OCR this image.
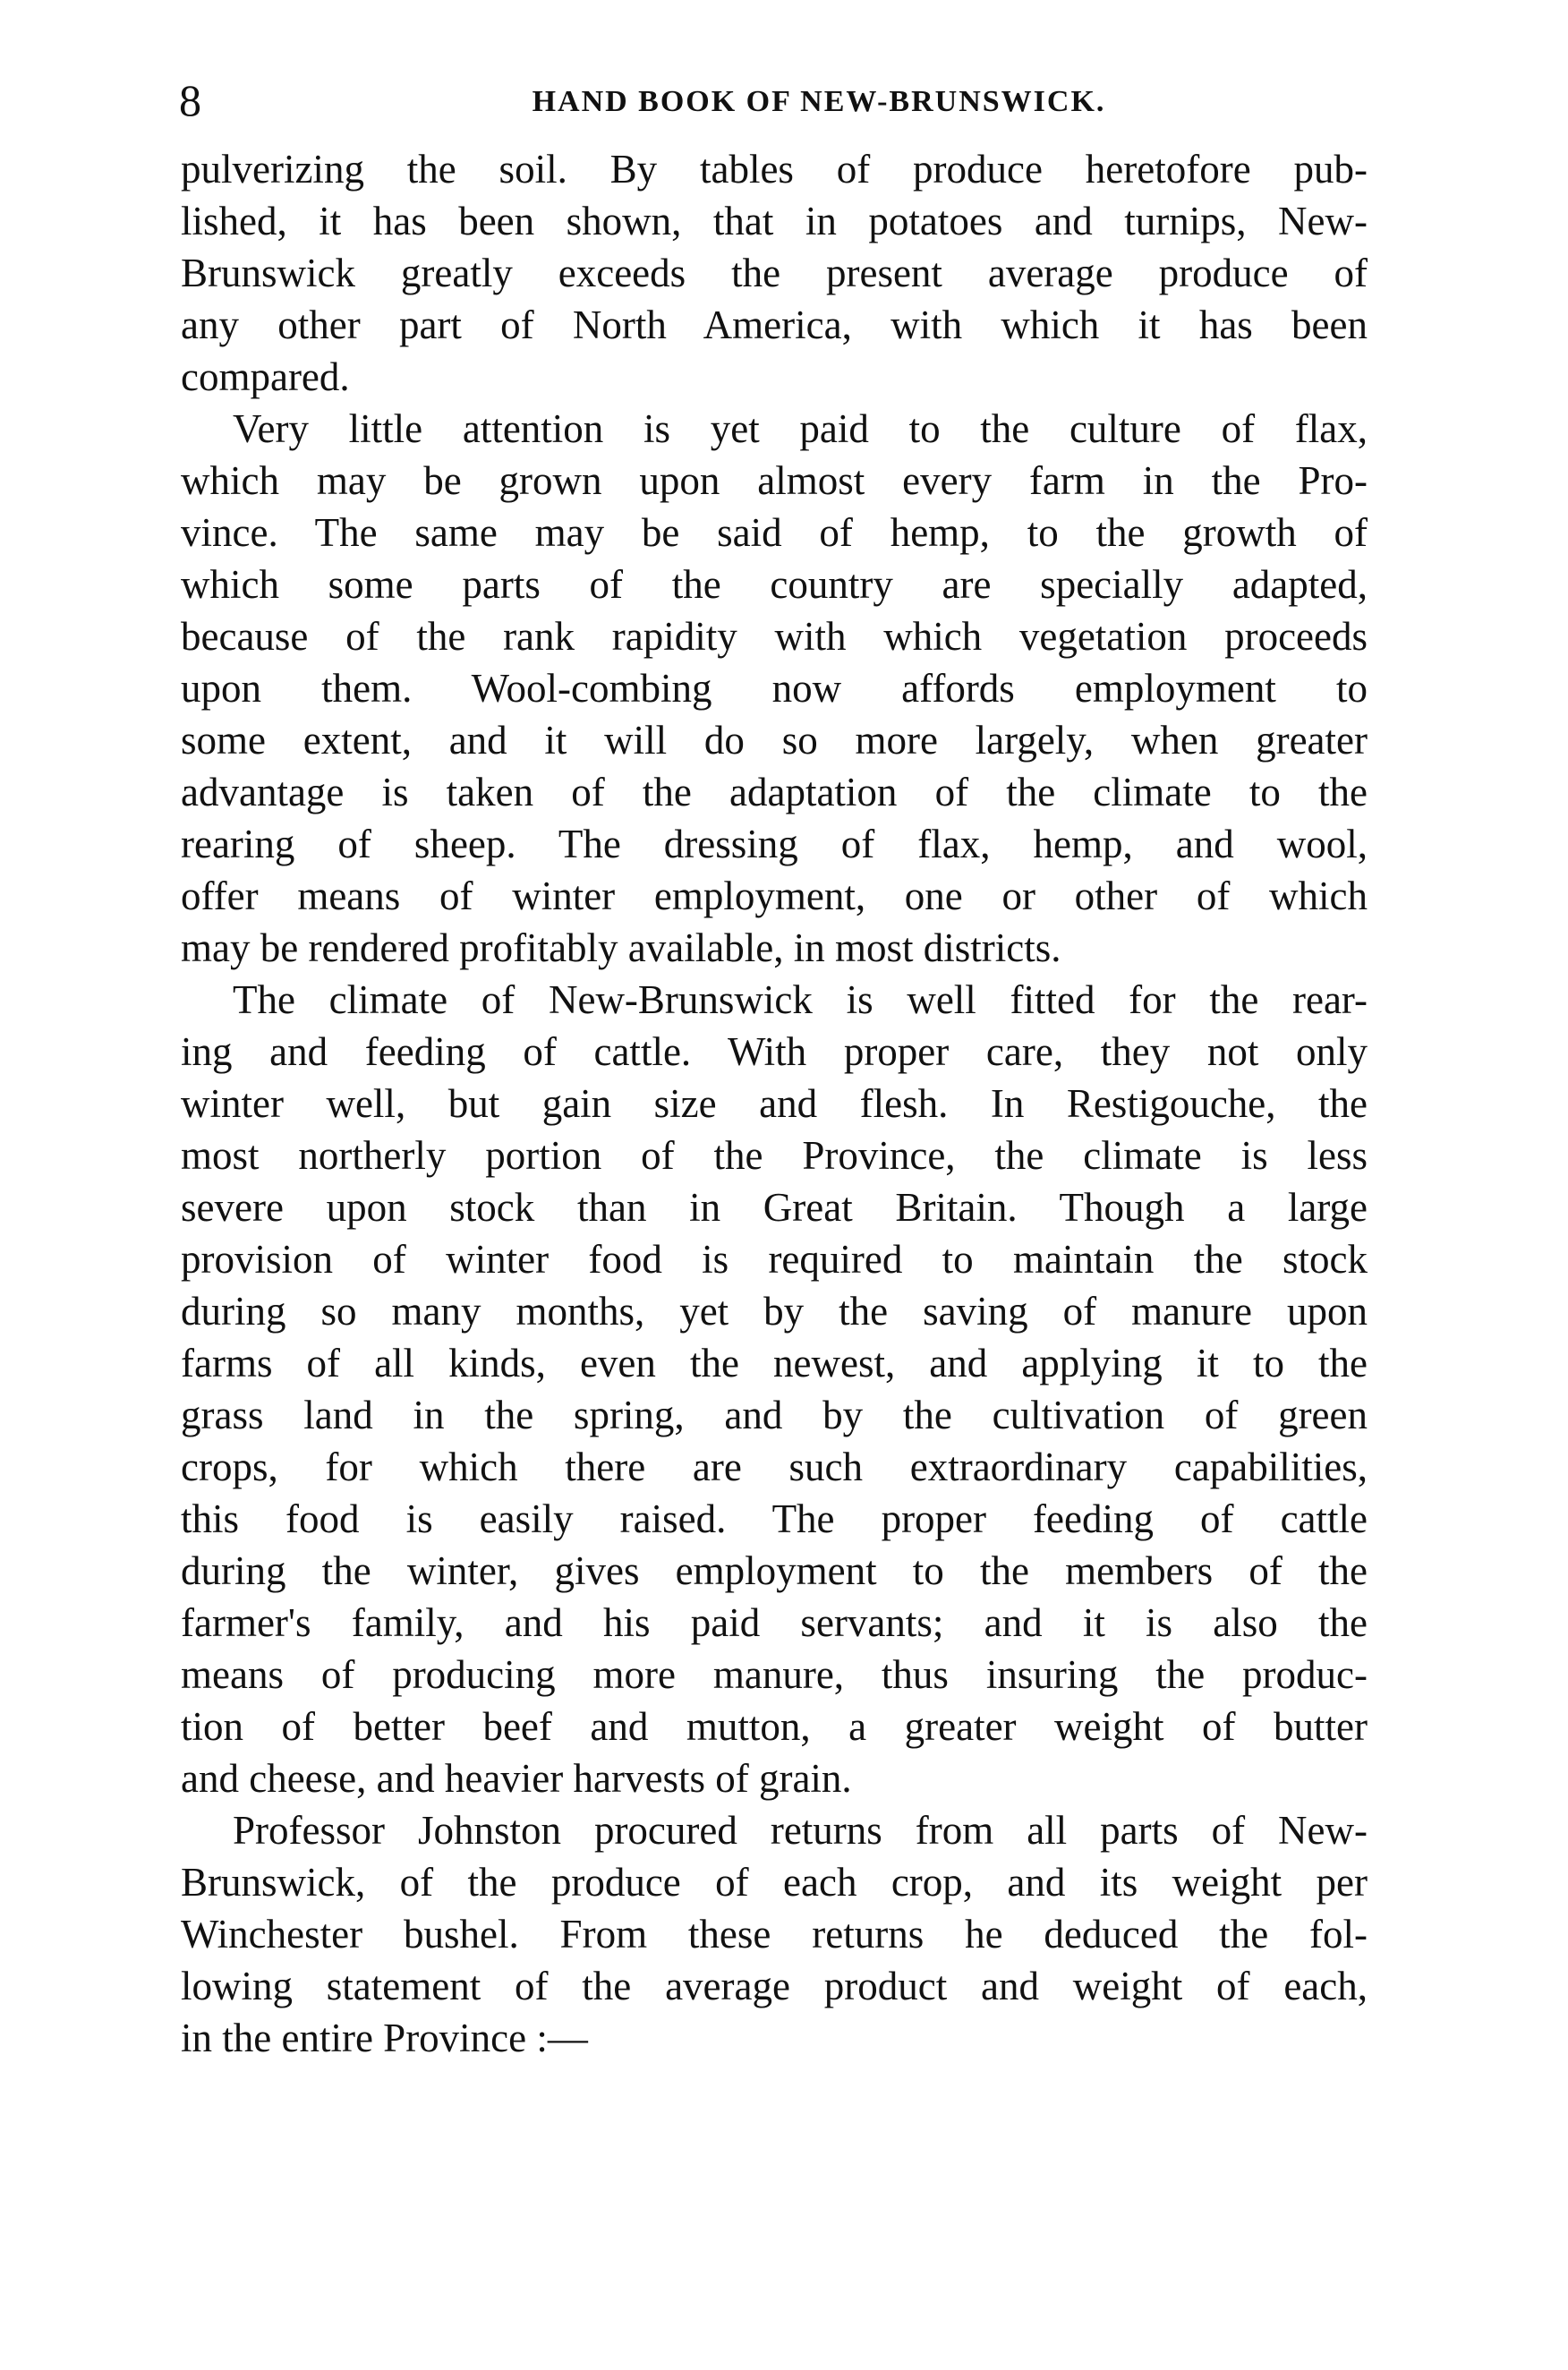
8	HAND BOOK OF NEW-BRUNSWICK.
pulverizing the soil. By tables of produce heretofore pub-
lished, it has been shown, that in potatoes and turnips, New-
Brunswick greatly exceeds the present average produce of
any other part of North America, with which it has been
compared.
Very little attention is yet paid to the culture of flax,
which may be grown upon almost every farm in the Pro-
vince. The same may be said of hemp, to the growth of
which some parts of the country are specially adapted,
because of the rank rapidity with which vegetation proceeds
upon them. Wool-combing now affords employment to
some extent, and it will do so more largely, when greater
advantage is taken of the adaptation of the climate to the
rearing of sheep. The dressing of flax, hemp, and wool,
offer means of winter employment, one or other of which
may be rendered profitably available, in most districts.
The climate of New-Brunswick is well fitted for the rear-
ing and feeding of cattle. With proper care, they not only
winter well, but gain size and flesh. In Restigouche, the
most northerly portion of the Province, the climate is less
severe upon stock than in Great Britain. Though a large
provision of winter food is required to maintain the stock
during so many months, yet by the saving of manure upon
farms of all kinds, even the newest, and applying it to the
grass land in the spring, and by the cultivation of green
crops, for which there are such extraordinary capabilities,
this food is easily raised. The proper feeding of cattle
during the winter, gives employment to the members of the
farmer's family, and his paid servants; and it is also the
means of producing more manure, thus insuring the produc-
tion of better beef and mutton, a greater weight of butter
and cheese, and heavier harvests of grain.
Professor Johnston procured returns from all parts of New-
Brunswick, of the produce of each crop, and its weight per
Winchester bushel. From these returns he deduced the fol-
lowing statement of the average product and weight of each,
in the entire Province :—
